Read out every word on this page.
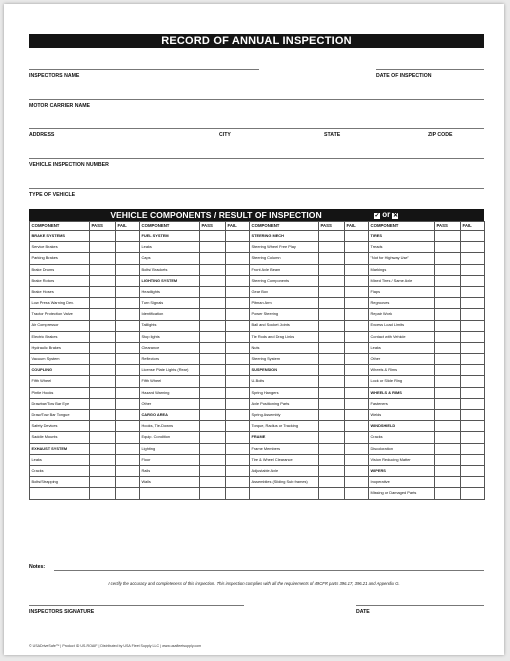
RECORD OF ANNUAL INSPECTION
INSPECTORS NAME	DATE OF INSPECTION
MOTOR CARRIER NAME
ADDRESS	CITY	STATE	ZIP CODE
VEHICLE INSPECTION NUMBER
TYPE OF VEHICLE
VEHICLE COMPONENTS / RESULT OF INSPECTION	✓ or ✕
COMPONENT	PASS	FAIL	COMPONENT	PASS	FAIL	COMPONENT	PASS	FAIL	COMPONENT	PASS	FAIL
BRAKE SYSTEMS			FUEL SYSTEM			STEERING MECH			TIRES		
Service Brakes			Leaks			Steering Wheel Free Play			Treads		
Parking Brakes			Caps			Steering Column			"Not for Highway Use"		
Brake Drums			Bolts/ Brackets			Front Axle Beam			Markings		
Brake Rotors			LIGHTING SYSTEM			Steering Components			Mixed Tires / Same Axle		
Brake Hoses			Headlights			Gear Box			Flaps		
Low Press Warning Dev.			Turn Signals			Pitman Arm			Regrooves		
Tractor Protection Valve			Identification			Power Steering			Repair Work		
Air Compressor			Taillights			Ball and Socket Joints			Excess Load Limits		
Electric Brakes			Stop lights			Tie Rods and Drag Links			Contact with Vehicle		
Hydraulic Brakes			Clearance			Nuts			Leaks		
Vacuum System			Reflectors			Steering System			Other		
COUPLING			License Plate Lights (Rear)			SUSPENSION			Wheels & Rims		
Fifth Wheel			Fifth Wheel			U-Bolts			Lock or Slide Ring		
Pintle Hooks			Hazard Warning			Spring Hangers			WHEELS & RIMS		
Drawbar/Tow Bar Eye			Other			Axle Positioning Parts			Fasteners		
Draw/Tow Bar Tongue			CARGO AREA			Spring Assembly			Welds		
Safety Devices			Hooks, Tie-Downs			Torque, Radius or Tracking			WINDSHIELD		
Saddle Mounts			Equip. Condition			FRAME			Cracks		
EXHAUST SYSTEM			Lighting			Frame Members			Discoloration		
Leaks			Floor			Tire & Wheel Clearance			Vision Reducing Matter		
Cracks			Rails			Adjustable Axle			WIPERS		
Bolts/Strapping			Walls			Assemblies (Sliding Sub frames)			Inoperative		
									Missing or Damaged Parts		
Notes:
I certify the accuracy and completeness of this inspection. This inspection complies with all the requirements of 49CFR parts 396.17, 396.21 and Appendix G.
INSPECTORS SIGNATURE	DATE
© USADriveSafe™ | Product ID US-ROAIF | Distributed by USA Fleet Supply LLC | www.usafleetsupply.com
